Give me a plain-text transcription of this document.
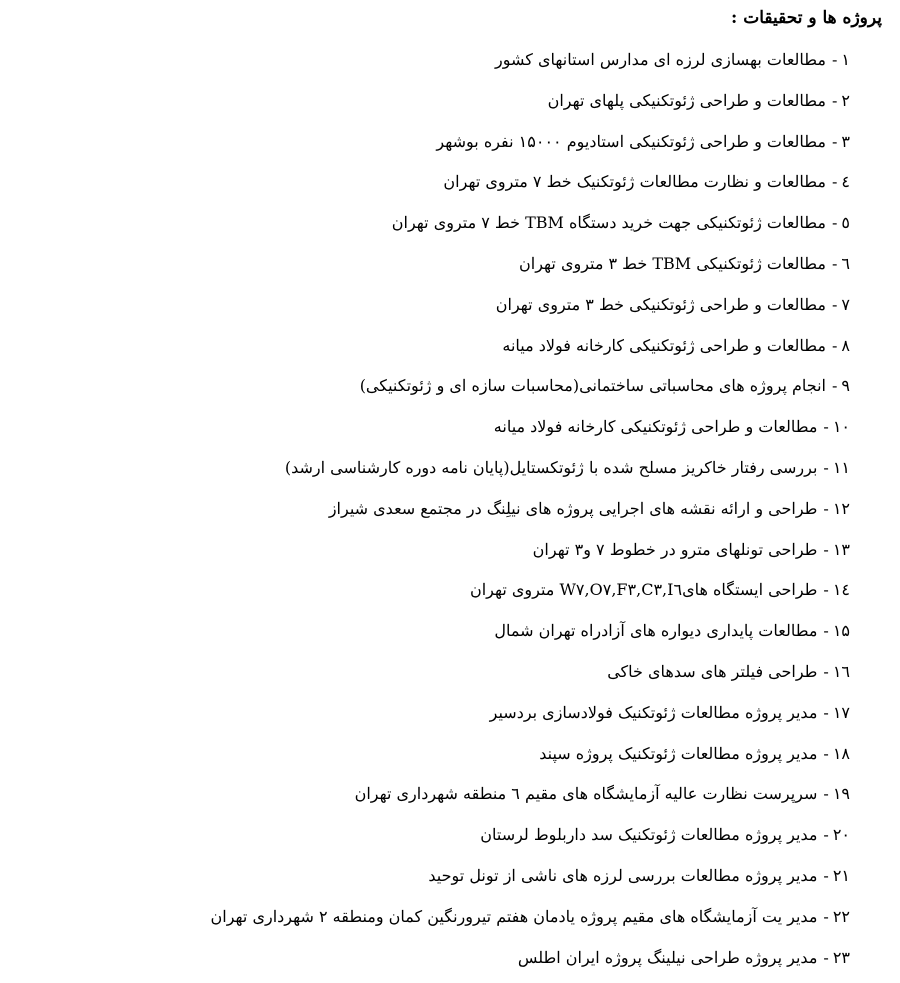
پروژه ها و تحقیقات :
۱-مطالعات بهسازی لرزه ای مدارس استانهای کشور
۲-مطالعات و طراحی ژئوتکنیکی پلهای تهران
۳-مطالعات و طراحی ژئوتکنیکی استادیوم ۱۵۰۰۰ نفره بوشهر
٤-مطالعات و نظارت مطالعات ژئوتکنیک خط ۷ متروی تهران
٥-مطالعات ژئوتکنیکی جهت خرید دستگاه TBM خط ۷ متروی تهران
٦-مطالعات ژئوتکنیکی TBM خط ۳ متروی تهران
۷-مطالعات و طراحی ژئوتکنیکی خط ۳ متروی تهران
۸-مطالعات و طراحی ژئوتکنیکی کارخانه فولاد میانه
۹-انجام پروژه های محاسباتی ساختمانی(محاسبات سازه ای و ژئوتکنیکی)
۱۰-مطالعات و طراحی ژئوتکنیکی کارخانه فولاد میانه
۱۱-بررسی رفتار خاکریز مسلح شده با ژئوتکستایل(پایان نامه دوره کارشناسی ارشد)
۱۲-طراحی و ارائه نقشه های اجرایی پروژه های نیلِنگ در مجتمع سعدی شیراز
۱۳-طراحی تونلهای مترو در خطوط ۷ و۳ تهران
١٤-طراحی ایستگاه هایI٦,C٣,F٣,O٧,W٧ متروی تهران
۱۵-مطالعات پایداری دیواره های آزادراه تهران شمال
١٦-طراحی فیلتر های سدهای خاکی
۱۷-مدیر پروژه مطالعات ژئوتکنیک فولادسازی بردسیر
۱۸-مدیر پروژه مطالعات ژئوتکنیک پروژه سپند
۱۹-سرپرست نظارت عالیه آزمایشگاه های مقیم ٦ منطقه شهرداری تهران
۲۰-مدیر پروژه مطالعات ژئوتکنیک سد داربلوط لرستان
۲۱-مدیر پروژه مطالعات بررسی لرزه های ناشی از تونل توحید
۲۲-مدیر یت آزمایشگاه های مقیم پروژه یادمان هفتم تیرورنگین کمان ومنطقه ۲ شهرداری تهران
۲۳-مدیر پروژه طراحی نیلینگ پروژه ایران اطلس
